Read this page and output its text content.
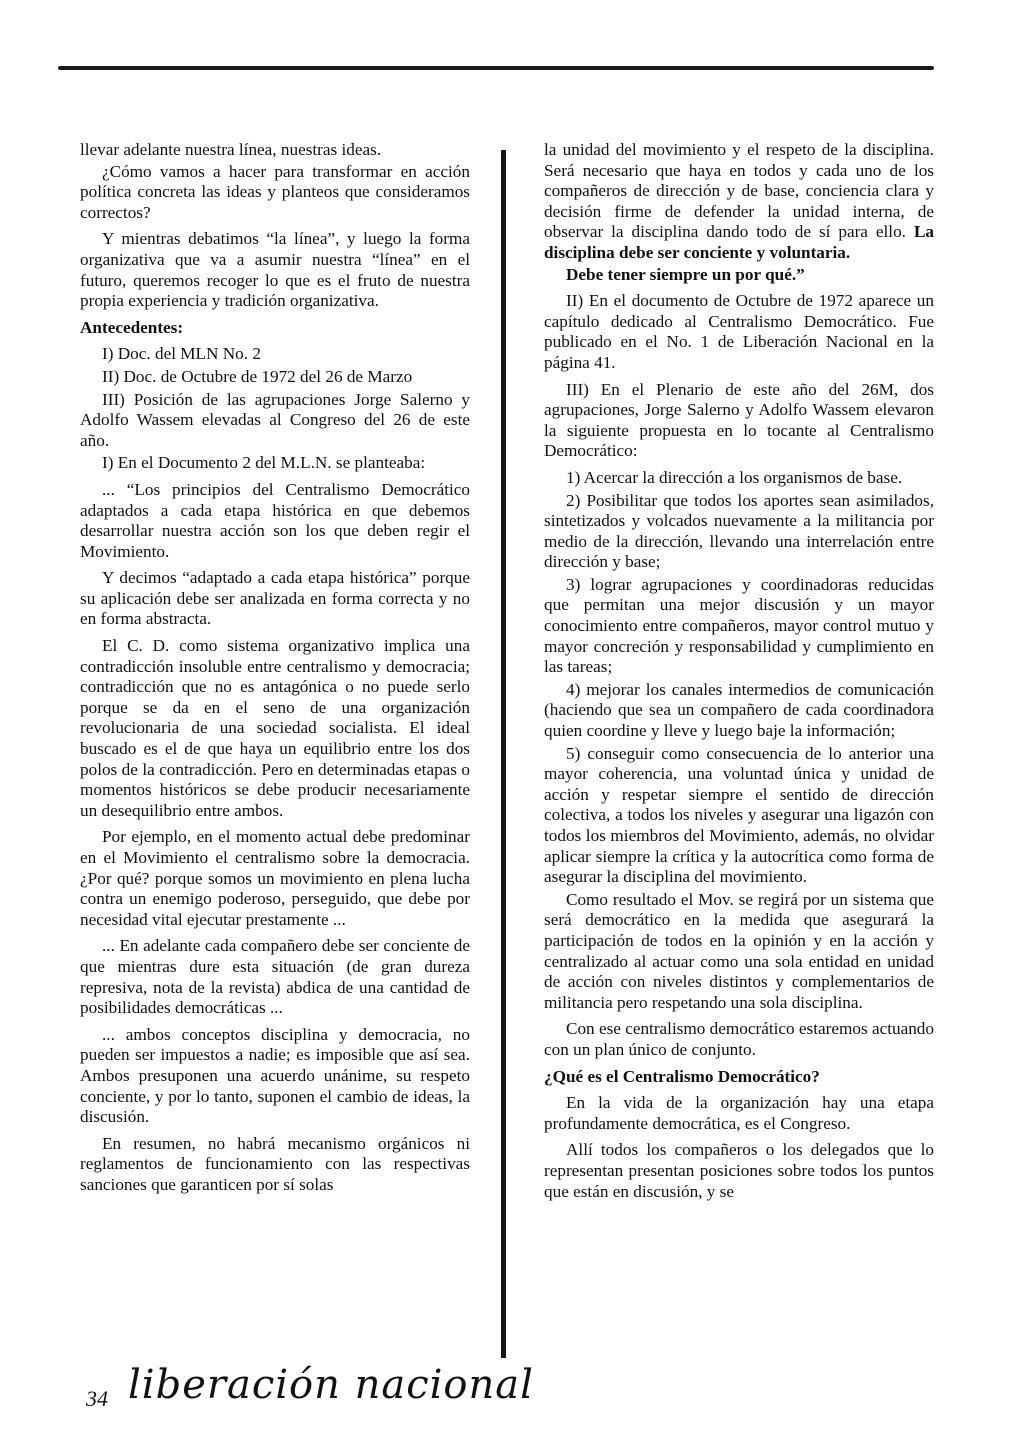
llevar adelante nuestra línea, nuestras ideas.

¿Cómo vamos a hacer para transformar en acción política concreta las ideas y planteos que consideramos correctos?

Y mientras debatimos “la línea”, y luego la forma organizativa que va a asumir nuestra “línea” en el futuro, queremos recoger lo que es el fruto de nuestra propia experiencia y tradición organizativa.

Antecedentes:

I) Doc. del MLN No. 2

II) Doc. de Octubre de 1972 del 26 de Marzo

III) Posición de las agrupaciones Jorge Salerno y Adolfo Wassem elevadas al Congreso del 26 de este año.

I) En el Documento 2 del M.L.N. se planteaba:

... “Los principios del Centralismo Democrático adaptados a cada etapa histórica en que debemos desarrollar nuestra acción son los que deben regir el Movimiento.

Y decimos “adaptado a cada etapa histórica” porque su aplicación debe ser analizada en forma correcta y no en forma abstracta.

El C. D. como sistema organizativo implica una contradicción insoluble entre centralismo y democracia; contradicción que no es antagónica o no puede serlo porque se da en el seno de una organización revolucionaria de una sociedad socialista. El ideal buscado es el de que haya un equilibrio entre los dos polos de la contradicción. Pero en determinadas etapas o momentos históricos se debe producir necesariamente un desequilibrio entre ambos.

Por ejemplo, en el momento actual debe predominar en el Movimiento el centralismo sobre la democracia. ¿Por qué? porque somos un movimiento en plena lucha contra un enemigo poderoso, perseguido, que debe por necesidad vital ejecutar prestamente ...

... En adelante cada compañero debe ser conciente de que mientras dure esta situación (de gran dureza represiva, nota de la revista) abdica de una cantidad de posibilidades democráticas ...

... ambos conceptos disciplina y democracia, no pueden ser impuestos a nadie; es imposible que así sea. Ambos presuponen una acuerdo unánime, su respeto conciente, y por lo tanto, suponen el cambio de ideas, la discusión.

En resumen, no habrá mecanismo orgánicos ni reglamentos de funcionamiento con las respectivas sanciones que garanticen por sí solas

la unidad del movimiento y el respeto de la disciplina. Será necesario que haya en todos y cada uno de los compañeros de dirección y de base, conciencia clara y decisión firme de defender la unidad interna, de observar la disciplina dando todo de sí para ello. La disciplina debe ser conciente y voluntaria.

Debe tener siempre un por qué.”

II) En el documento de Octubre de 1972 aparece un capítulo dedicado al Centralismo Democrático. Fue publicado en el No. 1 de Liberación Nacional en la página 41.

III) En el Plenario de este año del 26M, dos agrupaciones, Jorge Salerno y Adolfo Wassem elevaron la siguiente propuesta en lo tocante al Centralismo Democrático:

1) Acercar la dirección a los organismos de base.

2) Posibilitar que todos los aportes sean asimilados, sintetizados y volcados nuevamente a la militancia por medio de la dirección, llevando una interrelación entre dirección y base;

3) lograr agrupaciones y coordinadoras reducidas que permitan una mejor discusión y un mayor conocimiento entre compañeros, mayor control mutuo y mayor concreción y responsabilidad y cumplimiento en las tareas;

4) mejorar los canales intermedios de comunicación (haciendo que sea un compañero de cada coordinadora quien coordine y lleve y luego baje la información;

5) conseguir como consecuencia de lo anterior una mayor coherencia, una voluntad única y unidad de acción y respetar siempre el sentido de dirección colectiva, a todos los niveles y asegurar una ligazón con todos los miembros del Movimiento, además, no olvidar aplicar siempre la crítica y la autocrítica como forma de asegurar la disciplina del movimiento.

Como resultado el Mov. se regirá por un sistema que será democrático en la medida que asegurará la participación de todos en la opinión y en la acción y centralizado al actuar como una sola entidad en unidad de acción con niveles distintos y complementarios de militancia pero respetando una sola disciplina.

Con ese centralismo democrático estaremos actuando con un plan único de conjunto.

¿Qué es el Centralismo Democrático?

En la vida de la organización hay una etapa profundamente democrática, es el Congreso.

Allí todos los compañeros o los delegados que lo representan presentan posiciones sobre todos los puntos que están en discusión, y se

34 liberación nacional
